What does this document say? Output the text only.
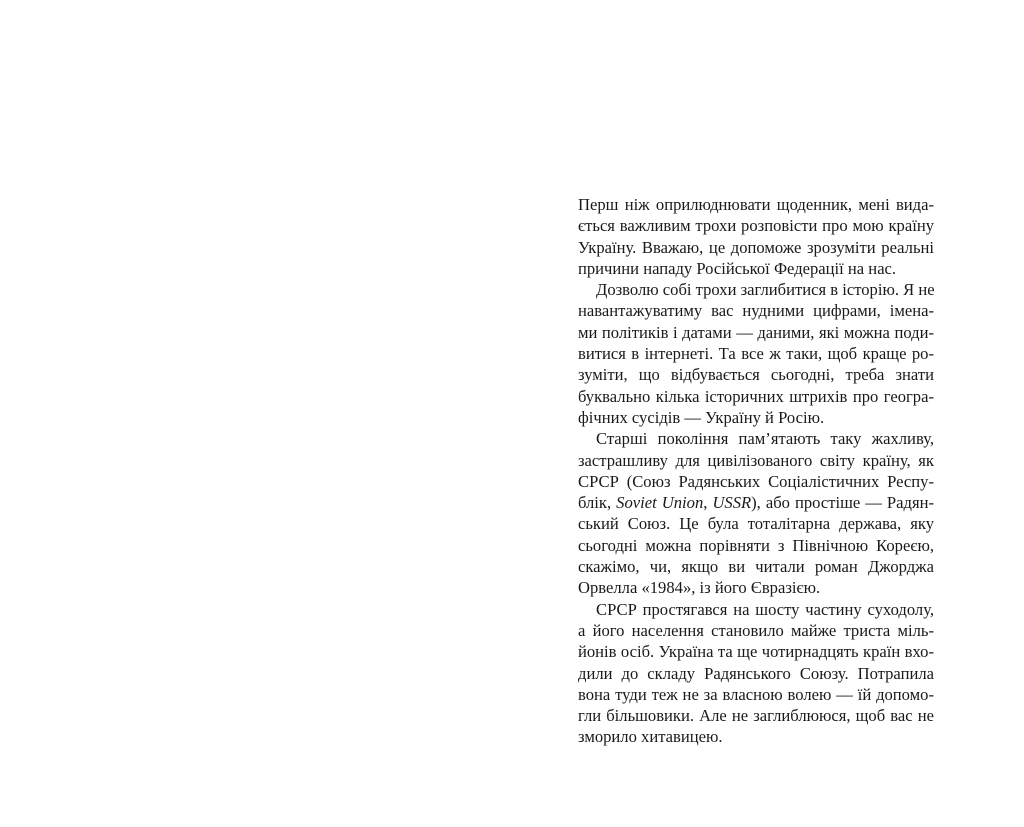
Перш ніж оприлюднювати щоденник, мені вида-
ється важливим трохи розповісти про мою країну
Україну. Вважаю, це допоможе зрозуміти реальні
причини нападу Російської Федерації на нас.

Дозволю собі трохи заглибитися в історію. Я не
навантажуватиму вас нудними цифрами, імена-
ми політиків і датами — даними, які можна поди-
витися в інтернеті. Та все ж таки, щоб краще ро-
зуміти, що відбувається сьогодні, треба знати
буквально кілька історичних штрихів про геогра-
фічних сусідів — Україну й Росію.

Старші покоління пам’ятають таку жахливу,
застрашливу для цивілізованого світу країну, як
СРСР (Союз Радянських Соціалістичних Респу-
блік, Soviet Union, USSR), або простіше — Радян-
ський Союз. Це була тоталітарна держава, яку
сьогодні можна порівняти з Північною Кореєю,
скажімо, чи, якщо ви читали роман Джорджа
Орвелла «1984», із його Євразією.

СРСР простягався на шосту частину суходолу,
а його населення становило майже триста міль-
йонів осіб. Україна та ще чотирнадцять країн вхо-
дили до складу Радянського Союзу. Потрапила
вона туди теж не за власною волею — їй допомо-
гли більшовики. Але не заглиблююся, щоб вас не
зморило хитавицею.
